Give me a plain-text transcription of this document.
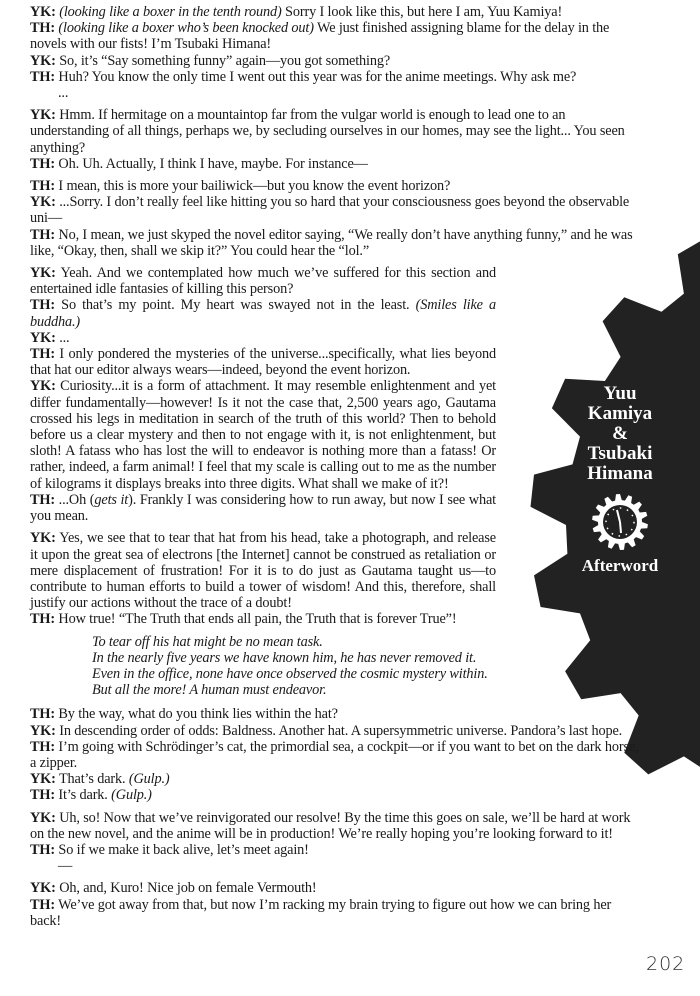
YK: (looking like a boxer in the tenth round) Sorry I look like this, but here I am, Yuu Kamiya!
TH: (looking like a boxer who’s been knocked out) We just finished assigning blame for the delay in the novels with our fists! I’m Tsubaki Himana!
YK: So, it’s “Say something funny” again—you got something?
TH: Huh? You know the only time I went out this year was for the anime meetings. Why ask me?
...
YK: Hmm. If hermitage on a mountaintop far from the vulgar world is enough to lead one to an understanding of all things, perhaps we, by secluding ourselves in our homes, may see the light... You seen anything?
TH: Oh. Uh. Actually, I think I have, maybe. For instance—
TH: I mean, this is more your bailiwick—but you know the event horizon?
YK: ...Sorry. I don’t really feel like hitting you so hard that your consciousness goes beyond the observable uni—
TH: No, I mean, we just skyped the novel editor saying, “We really don’t have anything funny,” and he was like, “Okay, then, shall we skip it?” You could hear the “lol.”
YK: Yeah. And we contemplated how much we’ve suffered for this section and entertained idle fantasies of killing this person?
TH: So that’s my point. My heart was swayed not in the least. (Smiles like a buddha.)
YK: ...
TH: I only pondered the mysteries of the universe...specifically, what lies beyond that hat our editor always wears—indeed, beyond the event horizon.
YK: Curiosity...it is a form of attachment. It may resemble enlightenment and yet differ fundamentally—however! Is it not the case that, 2,500 years ago, Gautama crossed his legs in meditation in search of the truth of this world? Then to behold before us a clear mystery and then to not engage with it, is not enlightenment, but sloth! A fatass who has lost the will to endeavor is nothing more than a fatass! Or rather, indeed, a farm animal! I feel that my scale is calling out to me as the number of kilograms it displays breaks into three digits. What shall we make of it?!
TH: ...Oh (gets it). Frankly I was considering how to run away, but now I see what you mean.
YK: Yes, we see that to tear that hat from his head, take a photograph, and release it upon the great sea of electrons [the Internet] cannot be construed as retaliation or mere displacement of frustration! For it is to do just as Gautama taught us—to contribute to human efforts to build a tower of wisdom! And this, therefore, shall justify our actions without the trace of a doubt!
TH: How true! “The Truth that ends all pain, the Truth that is forever True”!
To tear off his hat might be no mean task.
In the nearly five years we have known him, he has never removed it.
Even in the office, none have once observed the cosmic mystery within.
But all the more! A human must endeavor.
TH: By the way, what do you think lies within the hat?
YK: In descending order of odds: Baldness. Another hat. A supersymmetric universe. Pandora’s last hope.
TH: I’m going with Schrödinger’s cat, the primordial sea, a cockpit—or if you want to bet on the dark horse, a zipper.
YK: That’s dark. (Gulp.)
TH: It’s dark. (Gulp.)
YK: Uh, so! Now that we’ve reinvigorated our resolve! By the time this goes on sale, we’ll be hard at work on the new novel, and the anime will be in production! We’re really hoping you’re looking forward to it!
TH: So if we make it back alive, let’s meet again!
—
YK: Oh, and, Kuro! Nice job on female Vermouth!
TH: We’ve got away from that, but now I’m racking my brain trying to figure out how we can bring her back!
Yuu
Kamiya
&
Tsubaki
Himana
Afterword
202
